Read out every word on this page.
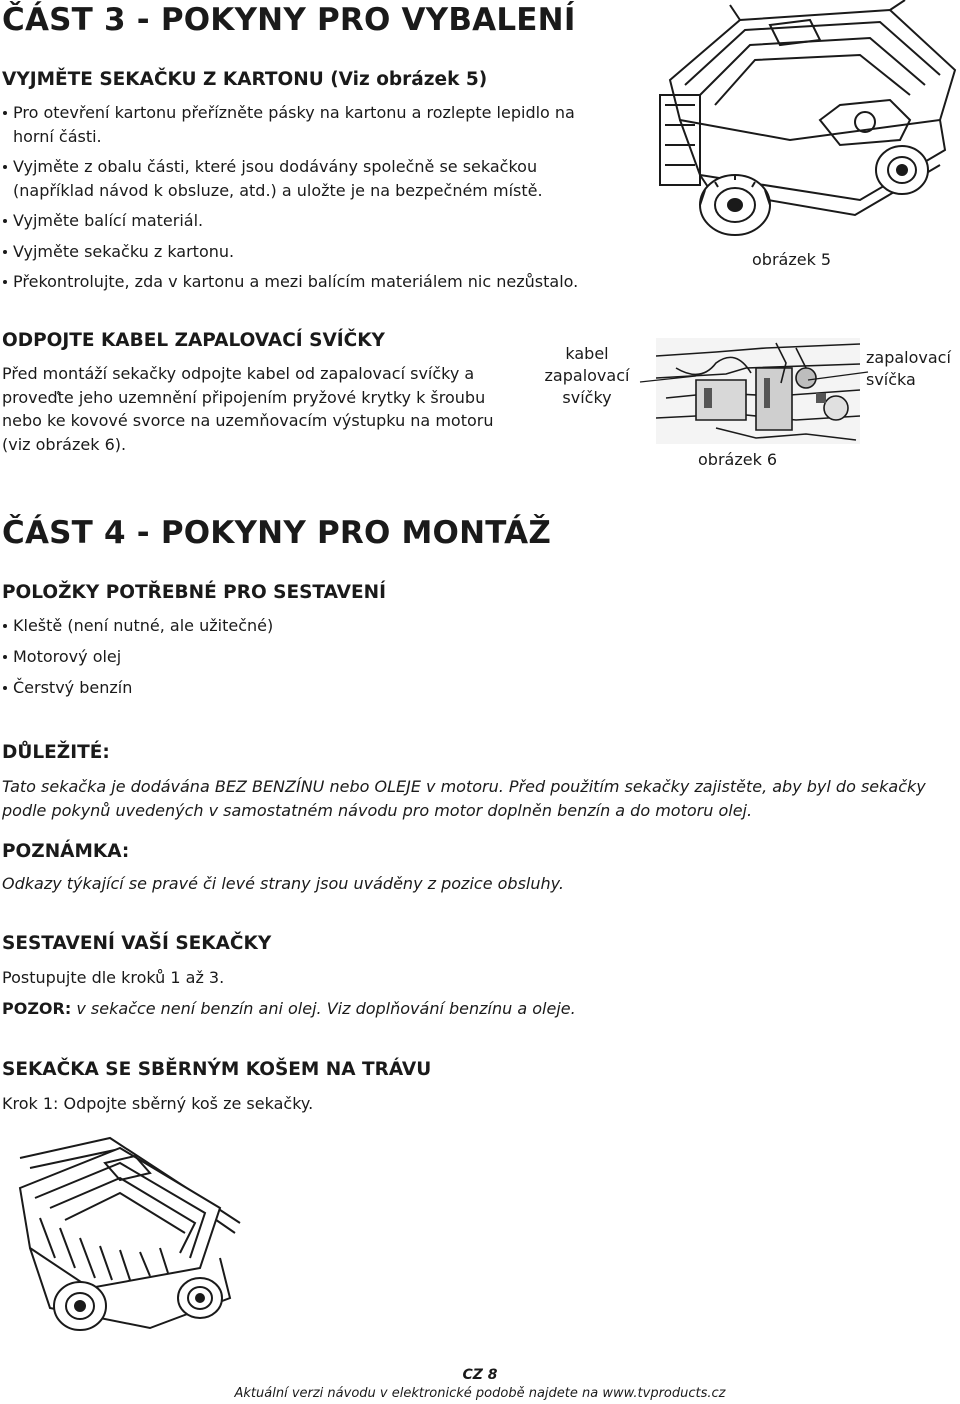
ČÁST 3 - POKYNY PRO VYBALENÍ
VYJMĚTE SEKAČKU Z KARTONU (Viz obrázek 5)
Pro otevření kartonu přeřízněte pásky na kartonu a rozlepte lepidlo na horní části.
Vyjměte z obalu části, které jsou dodávány společně se sekačkou (například návod k obsluze, atd.) a uložte je na bezpečném místě.
Vyjměte balící materiál.
Vyjměte sekačku z kartonu.
Překontrolujte, zda v kartonu a mezi balícím materiálem nic nezůstalo.
obrázek 5
ODPOJTE KABEL ZAPALOVACÍ SVÍČKY
Před montáží sekačky odpojte kabel od zapalovací svíčky a proveďte jeho uzemnění připojením pryžové krytky k šroubu nebo ke kovové svorce na uzemňovacím výstupku na motoru (viz obrázek 6).
kabel
zapalovací
svíčky
zapalovací
svíčka
obrázek 6
ČÁST 4 - POKYNY PRO MONTÁŽ
POLOŽKY POTŘEBNÉ PRO SESTAVENÍ
Kleště (není nutné, ale užitečné)
Motorový olej
Čerstvý benzín
DŮLEŽITÉ:
Tato sekačka je dodávána BEZ BENZÍNU nebo OLEJE v motoru. Před použitím sekačky zajistěte, aby byl do sekačky podle pokynů uvedených v samostatném návodu pro motor doplněn benzín a do motoru olej.
POZNÁMKA:
Odkazy týkající se pravé či levé strany jsou uváděny z pozice obsluhy.
SESTAVENÍ VAŠÍ SEKAČKY
Postupujte dle kroků 1 až 3.
POZOR: v sekačce není benzín ani olej. Viz doplňování benzínu a oleje.
SEKAČKA SE SBĚRNÝM KOŠEM NA TRÁVU
Krok 1: Odpojte sběrný koš ze sekačky.
CZ 8
Aktuální verzi návodu v elektronické podobě najdete na www.tvproducts.cz
